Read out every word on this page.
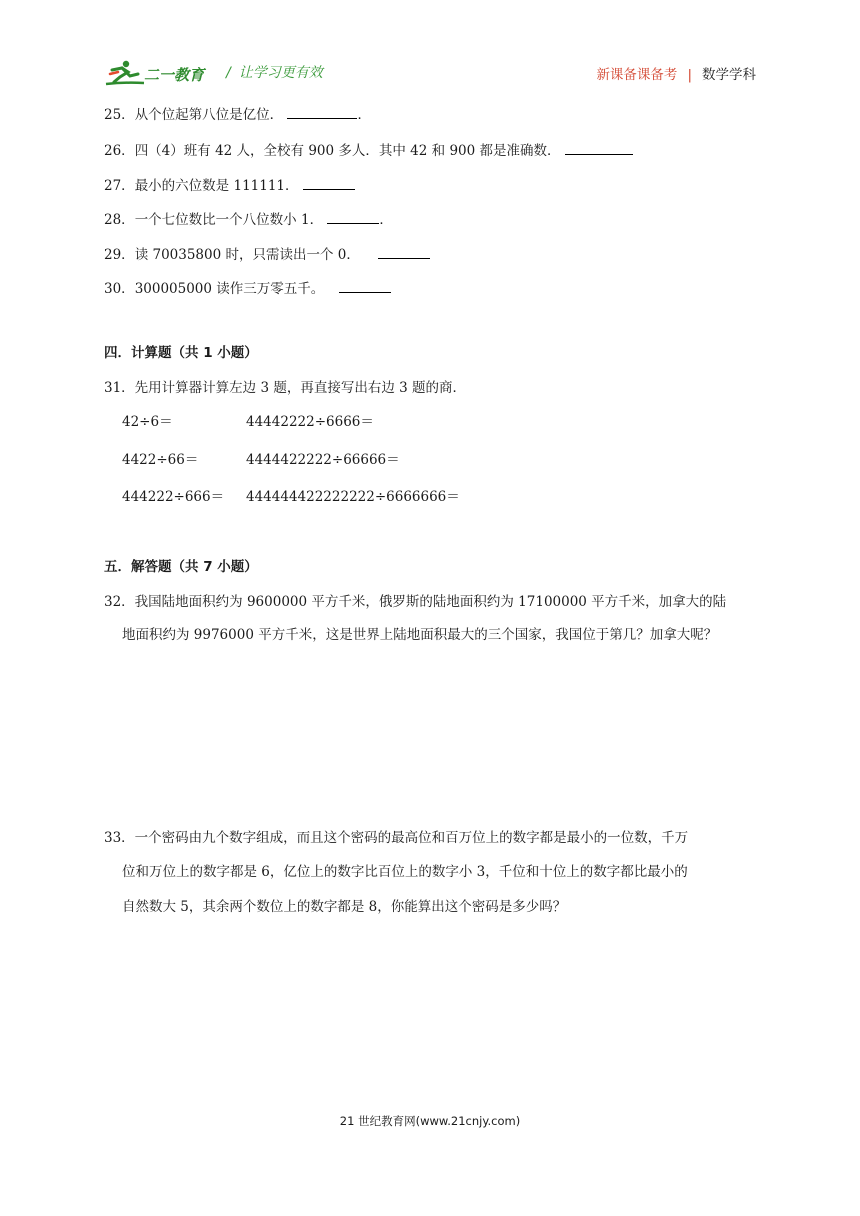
二一教育 / 让学习更有效	新课备课备考 | 数学学科
25．从个位起第八位是亿位．	．
26．四（4）班有 42 人，全校有 900 多人．其中 42 和 900 都是准确数．
27．最小的六位数是 111111．
28．一个七位数比一个八位数小 1．	．
29．读 70035800 时，只需读出一个 0．
30．300005000 读作三万零五千。
四．计算题（共 1 小题）
31．先用计算器计算左边 3 题，再直接写出右边 3 题的商．
42÷6＝	44442222÷6666＝
4422÷66＝	4444422222÷66666＝
444222÷666＝ 444444422222222÷6666666＝
五．解答题（共 7 小题）
32．我国陆地面积约为 9600000 平方千米，俄罗斯的陆地面积约为 17100000 平方千米，加拿大的陆
地面积约为 9976000 平方千米，这是世界上陆地面积最大的三个国家，我国位于第几？加拿大呢？
33．一个密码由九个数字组成，而且这个密码的最高位和百万位上的数字都是最小的一位数，千万
位和万位上的数字都是 6，亿位上的数字比百位上的数字小 3，千位和十位上的数字都比最小的
自然数大 5，其余两个数位上的数字都是 8，你能算出这个密码是多少吗？
21 世纪教育网(www.21cnjy.com)
